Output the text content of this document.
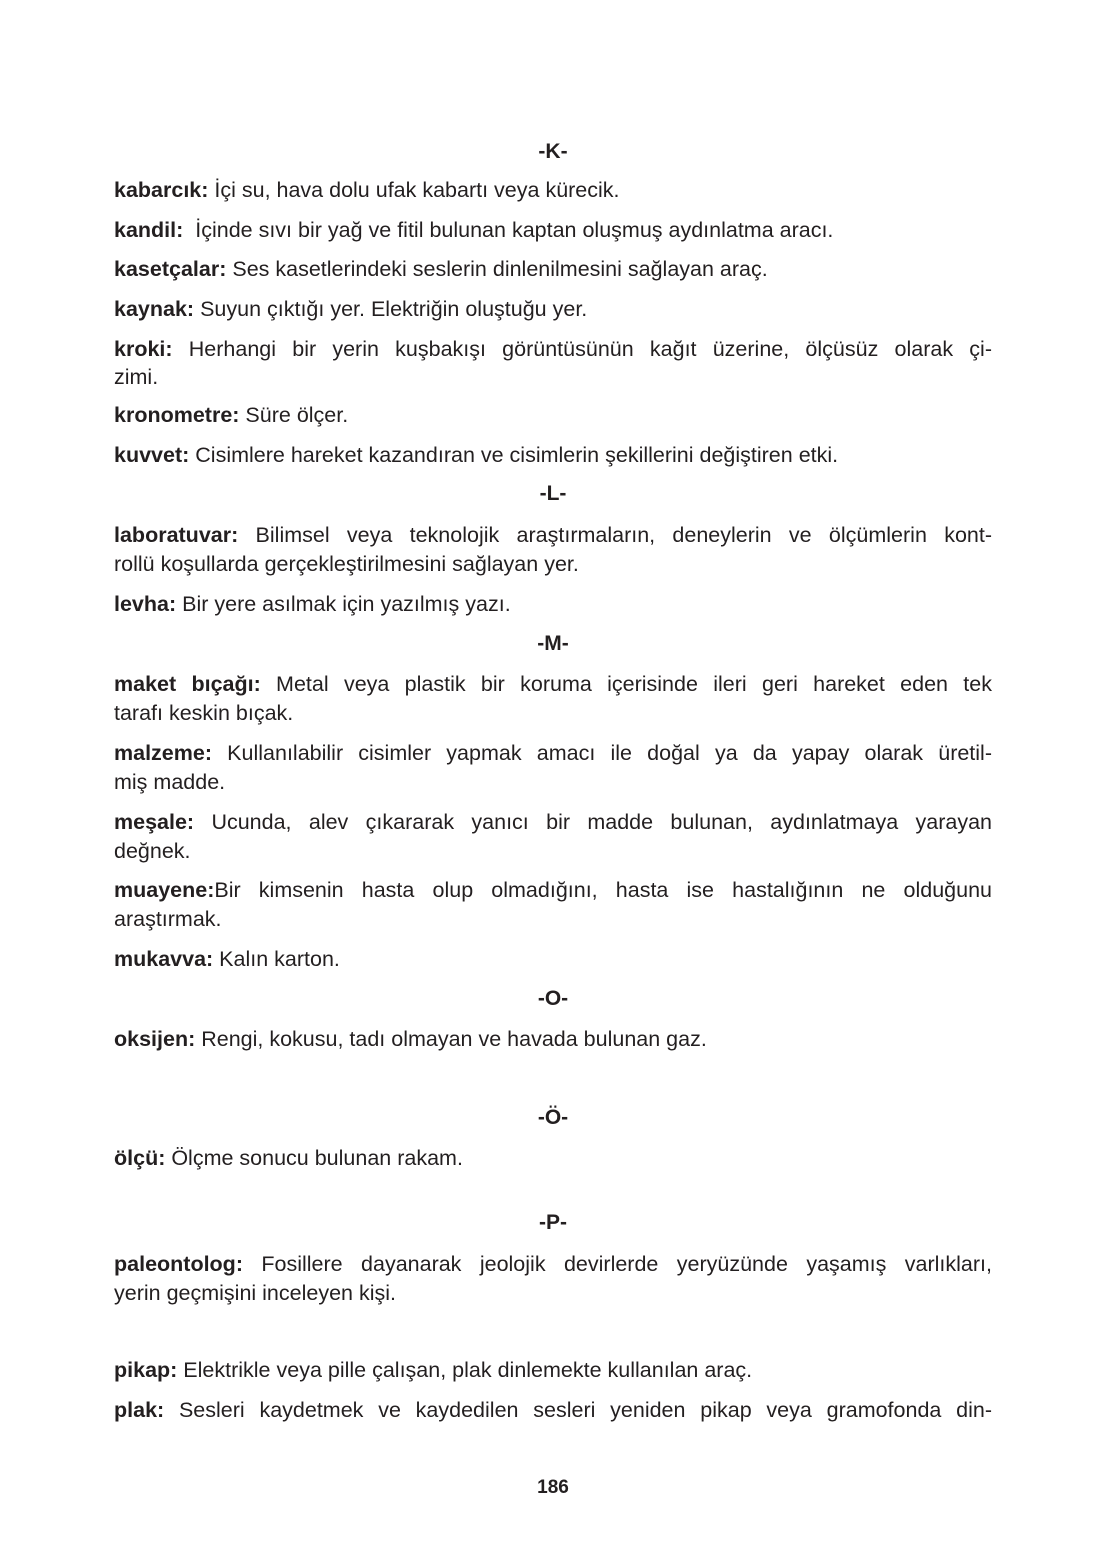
-K-
kabarcık: İçi su, hava dolu ufak kabartı veya kürecik.
kandil:  İçinde sıvı bir yağ ve fitil bulunan kaptan oluşmuş aydınlatma aracı.
kasetçalar: Ses kasetlerindeki seslerin dinlenilmesini sağlayan araç.
kaynak: Suyun çıktığı yer. Elektriğin oluştuğu yer.
kroki: Herhangi bir yerin kuşbakışı görüntüsünün kağıt üzerine, ölçüsüz olarak çi-
zimi.
kronometre: Süre ölçer.
kuvvet: Cisimlere hareket kazandıran ve cisimlerin şekillerini değiştiren etki.
-L-
laboratuvar: Bilimsel veya teknolojik araştırmaların, deneylerin ve ölçümlerin kont-
rollü koşullarda gerçekleştirilmesini sağlayan yer.
levha: Bir yere asılmak için yazılmış yazı.
-M-
maket bıçağı: Metal veya plastik bir koruma içerisinde ileri geri hareket eden tek
tarafı keskin bıçak.
malzeme: Kullanılabilir cisimler yapmak amacı ile doğal ya da yapay olarak üretil-
miş madde.
meşale: Ucunda, alev çıkararak yanıcı bir madde bulunan, aydınlatmaya yarayan
değnek.
muayene:Bir kimsenin hasta olup olmadığını, hasta ise hastalığının ne olduğunu
araştırmak.
mukavva: Kalın karton.
-O-
oksijen: Rengi, kokusu, tadı olmayan ve havada bulunan gaz.
-Ö-
ölçü: Ölçme sonucu bulunan rakam.
-P-
paleontolog: Fosillere dayanarak jeolojik devirlerde yeryüzünde yaşamış varlıkları,
yerin geçmişini inceleyen kişi.
pikap: Elektrikle veya pille çalışan, plak dinlemekte kullanılan araç.
plak: Sesleri kaydetmek ve kaydedilen sesleri yeniden pikap veya gramofonda din-
186
